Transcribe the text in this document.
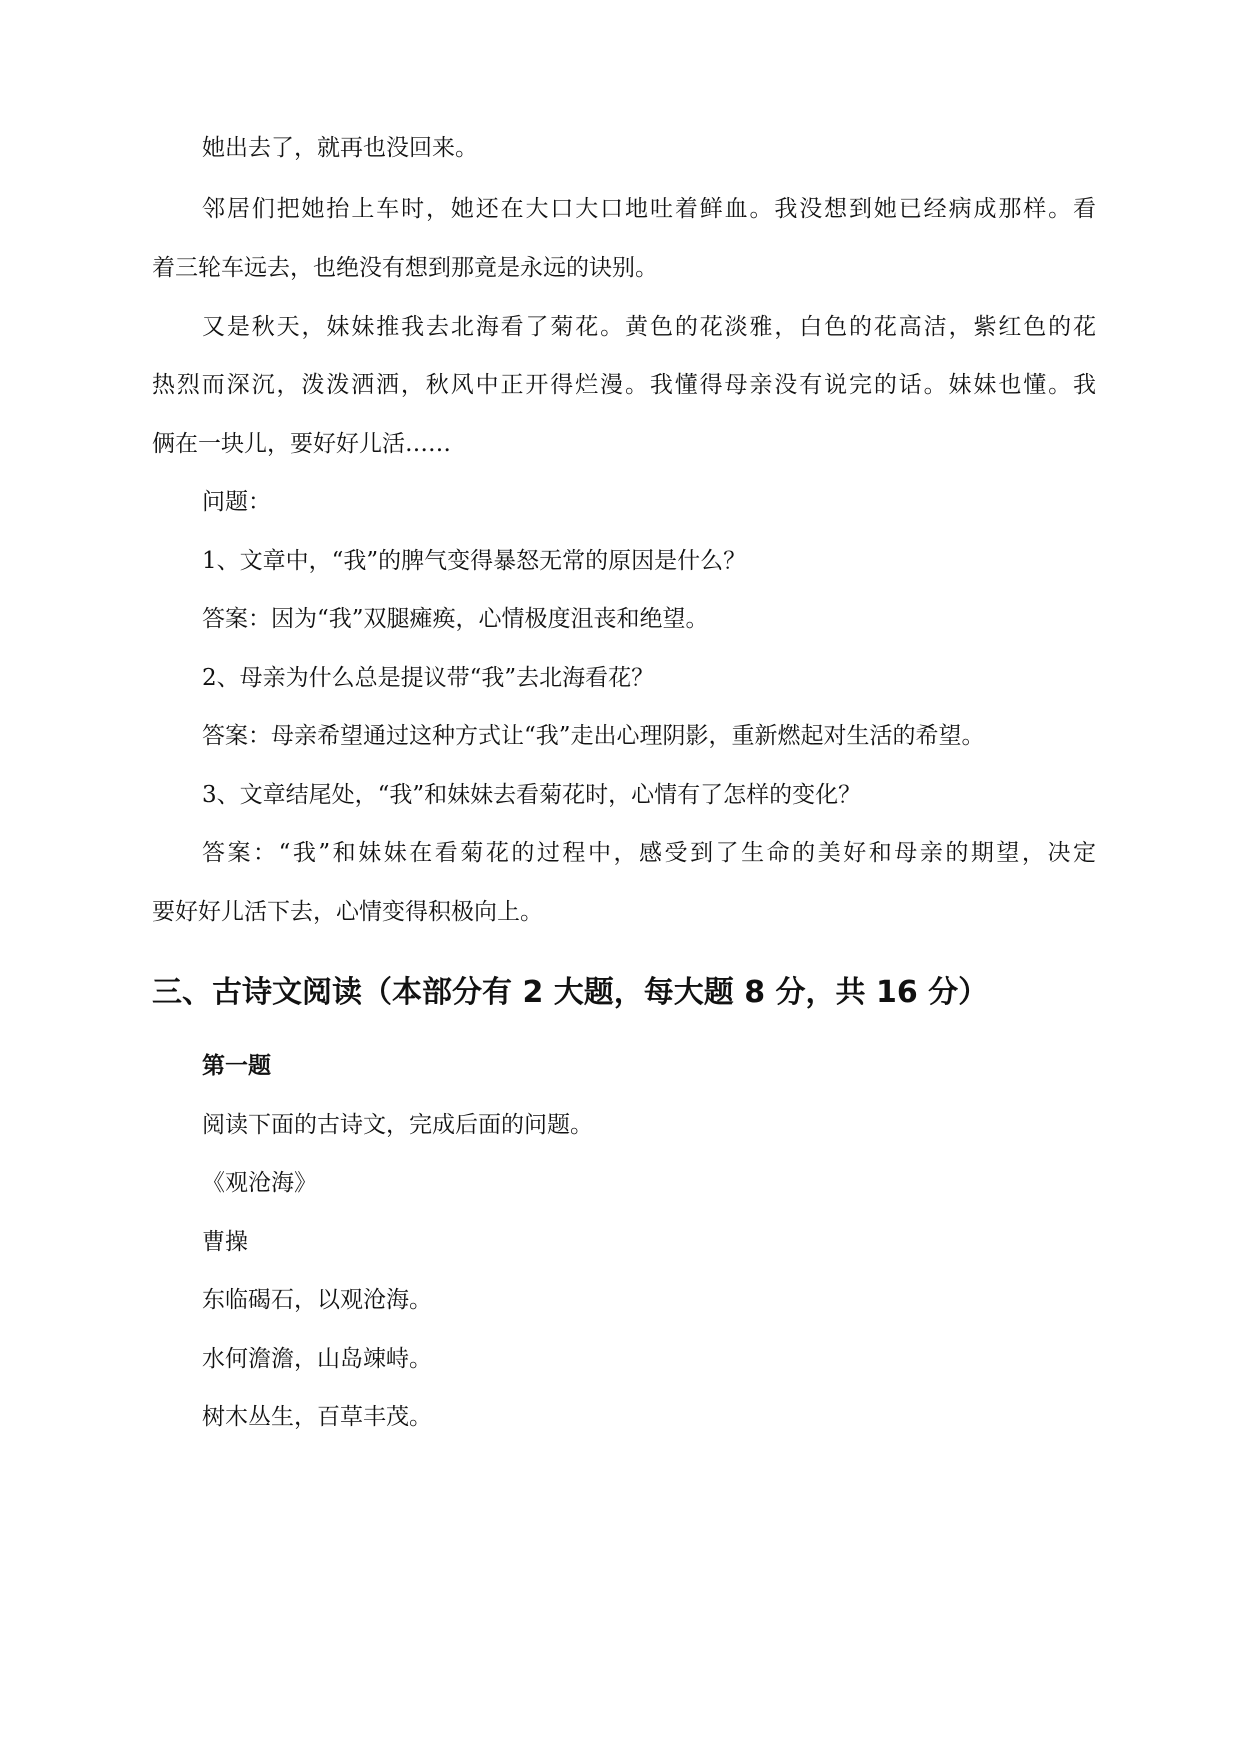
她出去了，就再也没回来。
邻居们把她抬上车时，她还在大口大口地吐着鲜血。我没想到她已经病成那样。看
着三轮车远去，也绝没有想到那竟是永远的诀别。
又是秋天，妹妹推我去北海看了菊花。黄色的花淡雅，白色的花高洁，紫红色的花
热烈而深沉，泼泼洒洒，秋风中正开得烂漫。我懂得母亲没有说完的话。妹妹也懂。我
俩在一块儿，要好好儿活……
问题：
1、文章中，“我”的脾气变得暴怒无常的原因是什么？
答案：因为“我”双腿瘫痪，心情极度沮丧和绝望。
2、母亲为什么总是提议带“我”去北海看花？
答案：母亲希望通过这种方式让“我”走出心理阴影，重新燃起对生活的希望。
3、文章结尾处，“我”和妹妹去看菊花时，心情有了怎样的变化？
答案：“我”和妹妹在看菊花的过程中，感受到了生命的美好和母亲的期望，决定
要好好儿活下去，心情变得积极向上。
三、古诗文阅读（本部分有 2 大题，每大题 8 分，共 16 分）
第一题
阅读下面的古诗文，完成后面的问题。
《观沧海》
曹操
东临碣石，以观沧海。
水何澹澹，山岛竦峙。
树木丛生，百草丰茂。
